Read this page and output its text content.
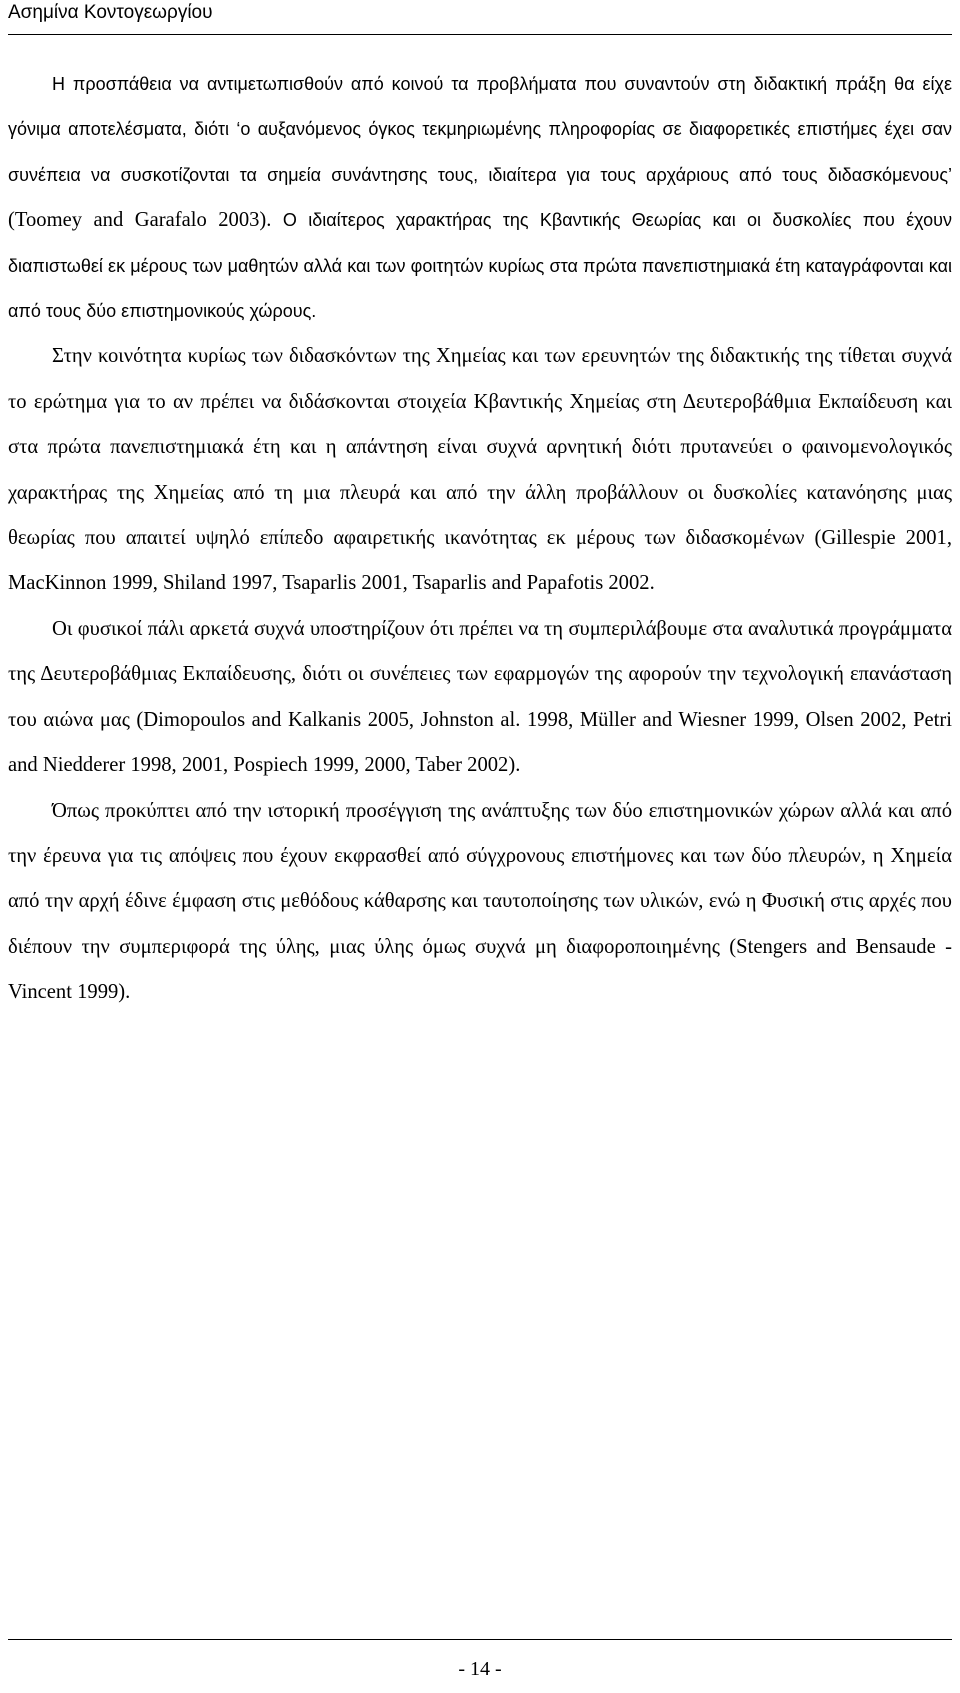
Ασημίνα Κοντογεωργίου

Η προσπάθεια να αντιμετωπισθούν από κοινού τα προβλήματα που συναντούν στη διδακτική πράξη θα είχε γόνιμα αποτελέσματα, διότι ‘ο αυξανόμενος όγκος τεκμηριωμένης πληροφορίας σε διαφορετικές επιστήμες έχει σαν συνέπεια να συσκοτίζονται τα σημεία συνάντησης τους, ιδιαίτερα για τους αρχάριους από τους διδασκόμενους’ (Toomey and Garafalo 2003). Ο ιδιαίτερος χαρακτήρας της Κβαντικής Θεωρίας και οι δυσκολίες που έχουν διαπιστωθεί εκ μέρους των μαθητών αλλά και των φοιτητών κυρίως στα πρώτα πανεπιστημιακά έτη καταγράφονται και από τους δύο επιστημονικούς χώρους.

Στην κοινότητα κυρίως των διδασκόντων της Χημείας και των ερευνητών της διδακτικής της τίθεται συχνά το ερώτημα για το αν πρέπει να διδάσκονται στοιχεία Κβαντικής Χημείας στη Δευτεροβάθμια Εκπαίδευση και στα πρώτα πανεπιστημιακά έτη και η απάντηση είναι συχνά αρνητική διότι πρυτανεύει ο φαινομενολογικός χαρακτήρας της Χημείας από τη μια πλευρά και από την άλλη προβάλλουν οι δυσκολίες κατανόησης μιας θεωρίας που απαιτεί υψηλό επίπεδο αφαιρετικής ικανότητας εκ μέρους των διδασκομένων (Gillespie 2001, MacKinnon 1999, Shiland 1997, Tsaparlis 2001, Tsaparlis and Papafotis 2002.

Οι φυσικοί πάλι αρκετά συχνά υποστηρίζουν ότι πρέπει να τη συμπεριλάβουμε στα αναλυτικά προγράμματα της Δευτεροβάθμιας Εκπαίδευσης, διότι οι συνέπειες των εφαρμογών της αφορούν την τεχνολογική επανάσταση του αιώνα μας (Dimopoulos and Kalkanis 2005, Johnston al. 1998, Müller and Wiesner 1999, Olsen 2002, Petri and Niedderer 1998, 2001, Pospiech 1999, 2000, Taber 2002).

Όπως προκύπτει από την ιστορική προσέγγιση της ανάπτυξης των δύο επιστημονικών χώρων αλλά και από την έρευνα για τις απόψεις που έχουν εκφρασθεί από σύγχρονους επιστήμονες και των δύο πλευρών, η Χημεία από την αρχή έδινε έμφαση στις μεθόδους κάθαρσης και ταυτοποίησης των υλικών, ενώ η Φυσική στις αρχές που διέπουν την συμπεριφορά της ύλης, μιας ύλης όμως συχνά μη διαφοροποιημένης (Stengers and Bensaude - Vincent 1999).

- 14 -
